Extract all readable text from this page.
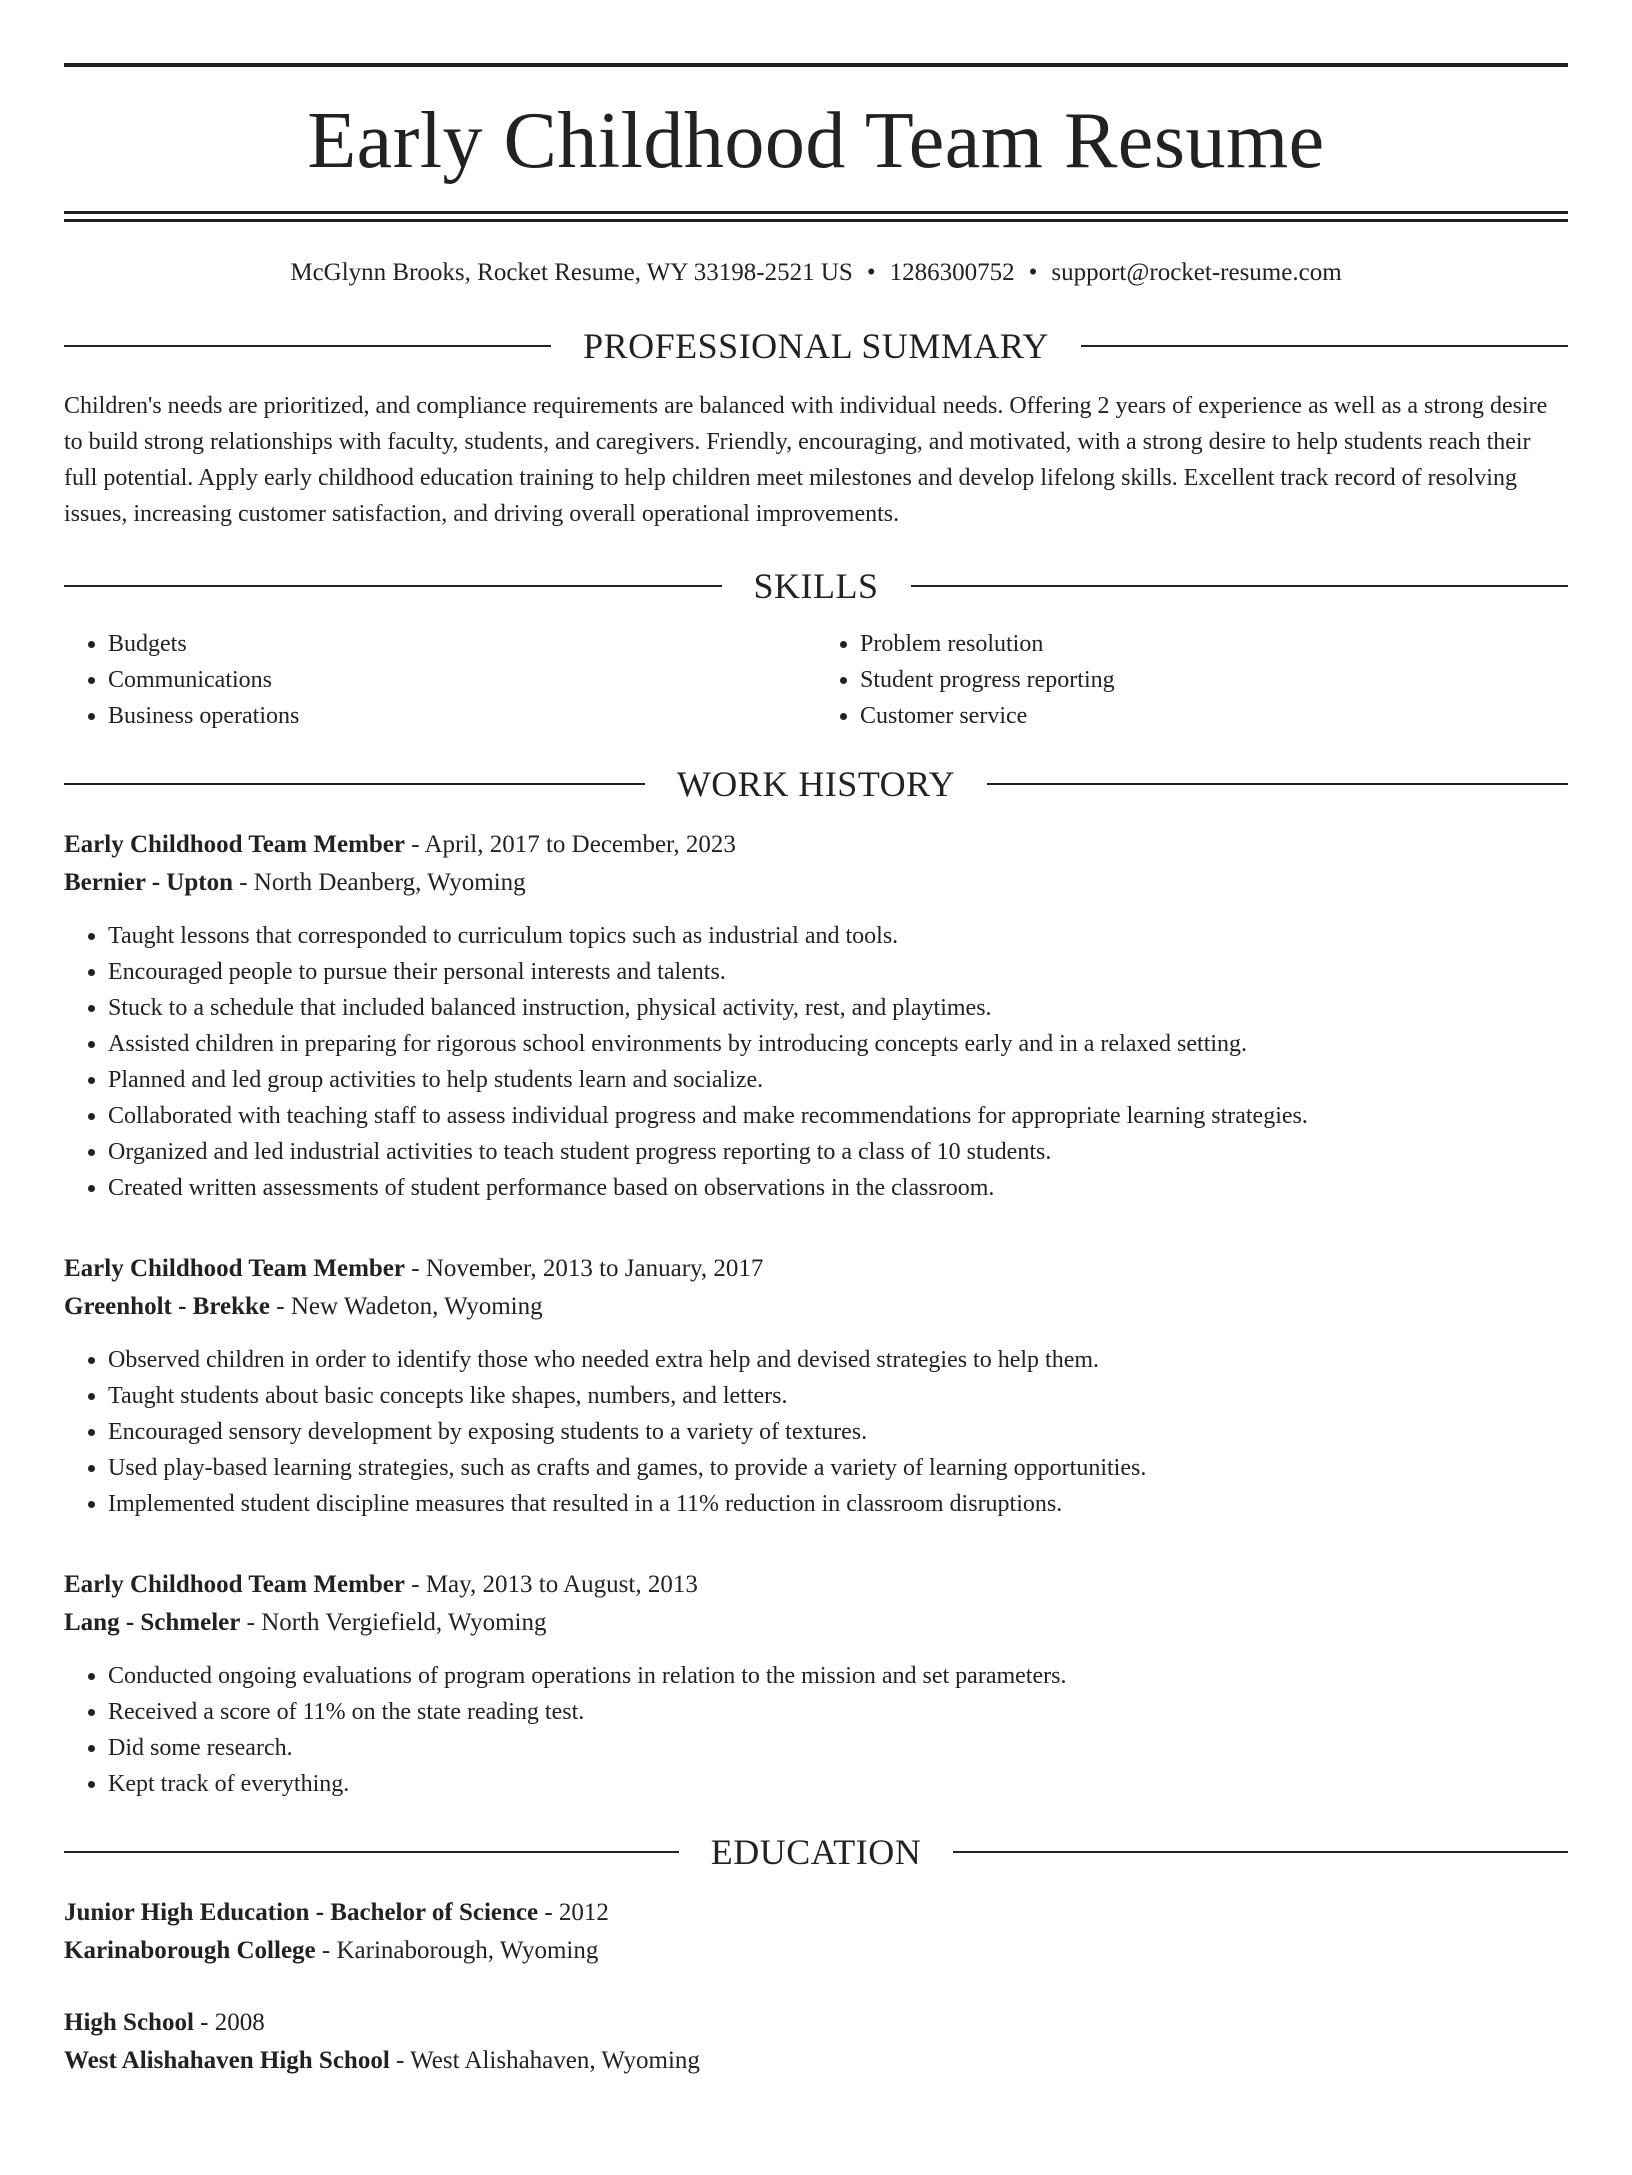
Early Childhood Team Resume
McGlynn Brooks, Rocket Resume, WY 33198-2521 US • 1286300752 • support@rocket-resume.com
PROFESSIONAL SUMMARY

Children's needs are prioritized, and compliance requirements are balanced with individual needs. Offering 2 years of experience as well as a strong desire to build strong relationships with faculty, students, and caregivers. Friendly, encouraging, and motivated, with a strong desire to help students reach their full potential. Apply early childhood education training to help children meet milestones and develop lifelong skills. Excellent track record of resolving issues, increasing customer satisfaction, and driving overall operational improvements.

SKILLS
• Budgets
• Communications
• Business operations
• Problem resolution
• Student progress reporting
• Customer service
WORK HISTORY
Early Childhood Team Member - April, 2017 to December, 2023
Bernier - Upton - North Deanberg, Wyoming
• Taught lessons that corresponded to curriculum topics such as industrial and tools.
• Encouraged people to pursue their personal interests and talents.
• Stuck to a schedule that included balanced instruction, physical activity, rest, and playtimes.
• Assisted children in preparing for rigorous school environments by introducing concepts early and in a relaxed setting.
• Planned and led group activities to help students learn and socialize.
• Collaborated with teaching staff to assess individual progress and make recommendations for appropriate learning strategies.
• Organized and led industrial activities to teach student progress reporting to a class of 10 students.
• Created written assessments of student performance based on observations in the classroom.
Early Childhood Team Member - November, 2013 to January, 2017
Greenholt - Brekke - New Wadeton, Wyoming
• Observed children in order to identify those who needed extra help and devised strategies to help them.
• Taught students about basic concepts like shapes, numbers, and letters.
• Encouraged sensory development by exposing students to a variety of textures.
• Used play-based learning strategies, such as crafts and games, to provide a variety of learning opportunities.
• Implemented student discipline measures that resulted in a 11% reduction in classroom disruptions.
Early Childhood Team Member - May, 2013 to August, 2013
Lang - Schmeler - North Vergiefield, Wyoming
• Conducted ongoing evaluations of program operations in relation to the mission and set parameters.
• Received a score of 11% on the state reading test.
• Did some research.
• Kept track of everything.
EDUCATION
Junior High Education - Bachelor of Science - 2012
Karinaborough College - Karinaborough, Wyoming
High School - 2008
West Alishahaven High School - West Alishahaven, Wyoming
